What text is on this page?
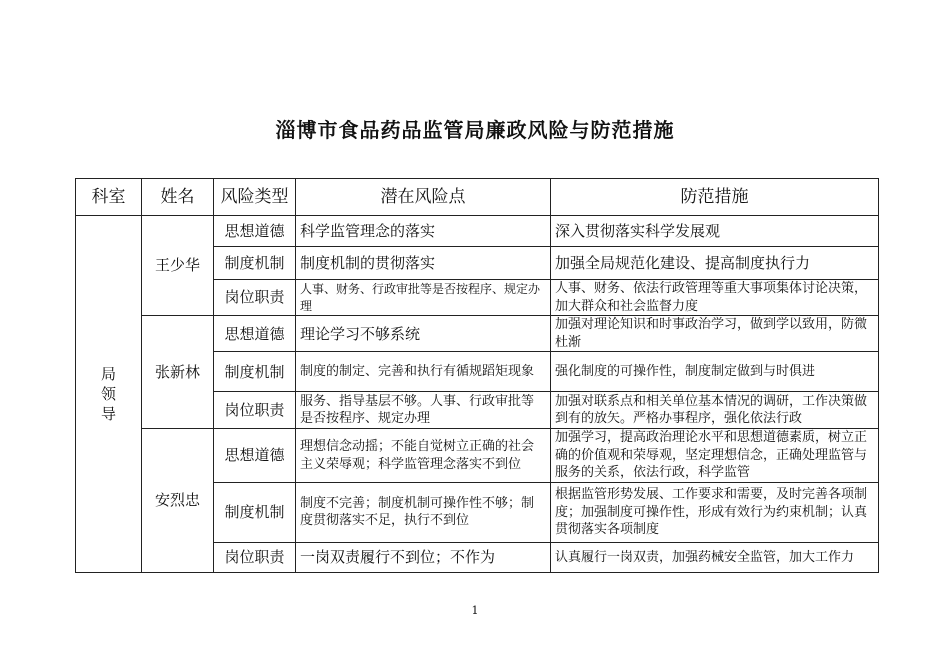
淄博市食品药品监管局廉政风险与防范措施
科室	姓名	风险类型	潜在风险点	防范措施
局领导	王少华	思想道德	科学监管理念的落实	深入贯彻落实科学发展观
		制度机制	制度机制的贯彻落实	加强全局规范化建设、提高制度执行力
		岗位职责	人事、财务、行政审批等是否按程序、规定办理	人事、财务、依法行政管理等重大事项集体讨论决策，加大群众和社会监督力度
	张新林	思想道德	理论学习不够系统	加强对理论知识和时事政治学习，做到学以致用，防微杜渐
		制度机制	制度的制定、完善和执行有循规蹈矩现象	强化制度的可操作性，制度制定做到与时俱进
		岗位职责	服务、指导基层不够。人事、行政审批等是否按程序、规定办理	加强对联系点和相关单位基本情况的调研，工作决策做到有的放矢。严格办事程序，强化依法行政
	安烈忠	思想道德	理想信念动摇；不能自觉树立正确的社会主义荣辱观；科学监管理念落实不到位	加强学习，提高政治理论水平和思想道德素质，树立正确的价值观和荣辱观，坚定理想信念，正确处理监管与服务的关系，依法行政，科学监管
		制度机制	制度不完善；制度机制可操作性不够；制度贯彻落实不足，执行不到位	根据监管形势发展、工作要求和需要，及时完善各项制度；加强制度可操作性，形成有效行为约束机制；认真贯彻落实各项制度
		岗位职责	一岗双责履行不到位；不作为	认真履行一岗双责，加强药械安全监管，加大工作力
1
